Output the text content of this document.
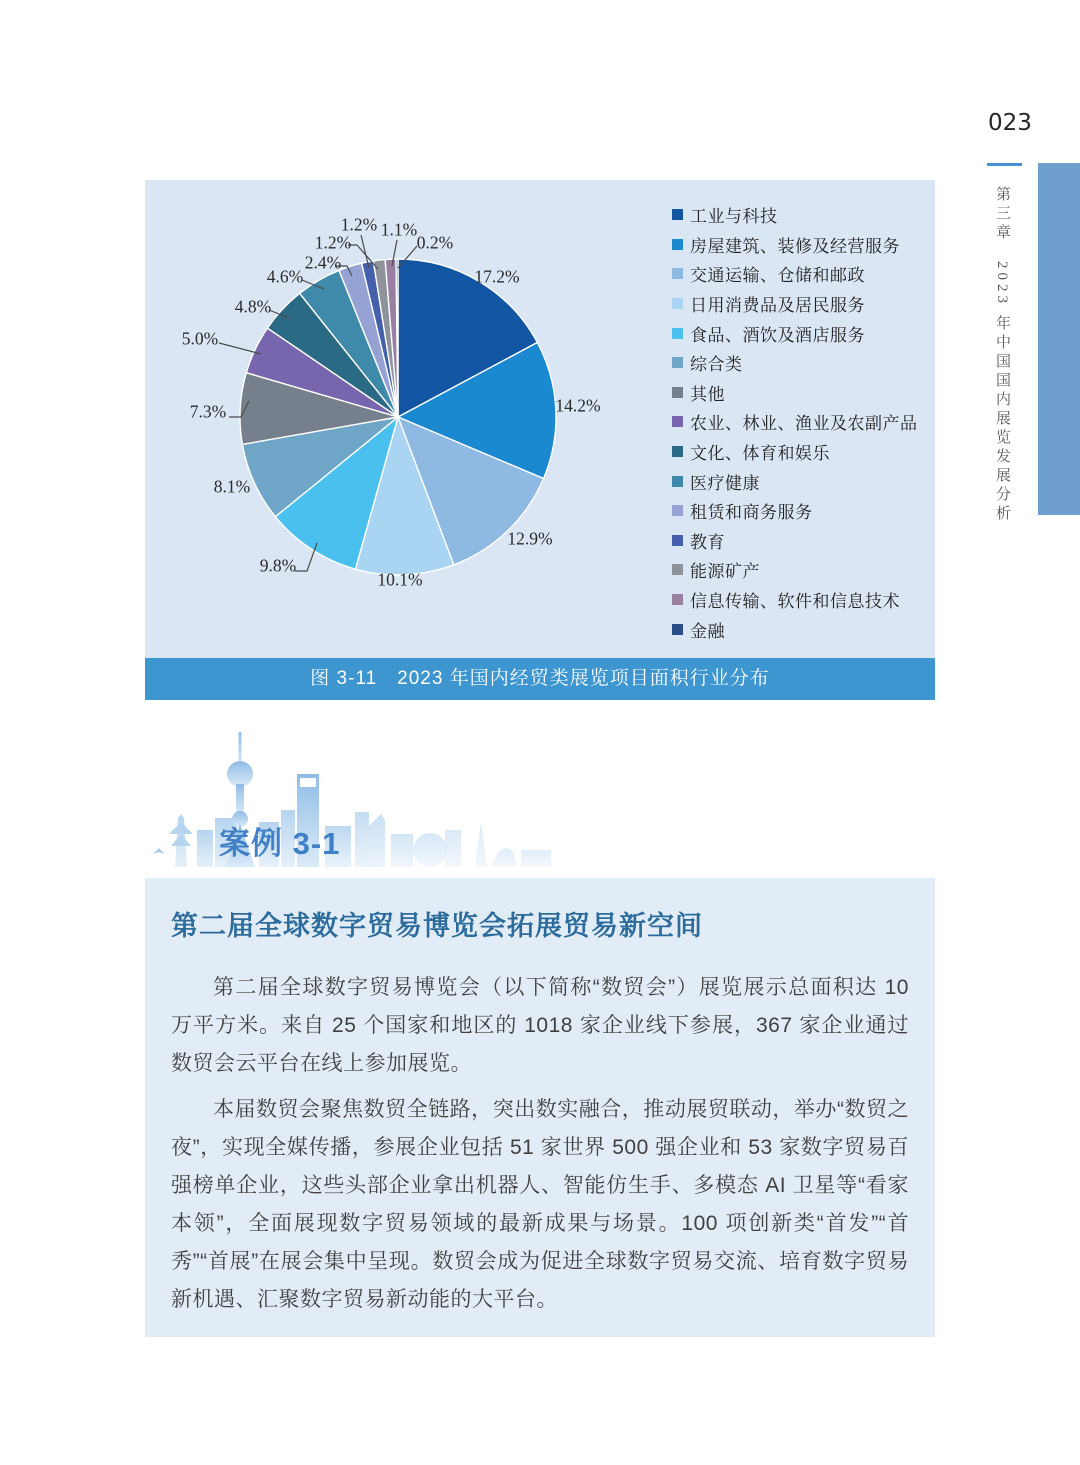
023
第三章2023 年中国国内展览发展分析
17.2%
14.2%
12.9%
10.1%
9.8%
8.1%
7.3%
5.0%
4.8%
4.6%
2.4%
1.2%
1.2%
1.1%
0.2%
工业与科技
房屋建筑、装修及经营服务
交通运输、仓储和邮政
日用消费品及居民服务
食品、酒饮及酒店服务
综合类
其他
农业、林业、渔业及农副产品
文化、体育和娱乐
医疗健康
租赁和商务服务
教育
能源矿产
信息传输、软件和信息技术
金融
图 3-11　2023 年国内经贸类展览项目面积行业分布
案例 3-1
第二届全球数字贸易博览会拓展贸易新空间

第二届全球数字贸易博览会（以下简称“数贸会”）展览展示总面积达 10 万平方米。来自 25 个国家和地区的 1018 家企业线下参展，367 家企业通过数贸会云平台在线上参加展览。

本届数贸会聚焦数贸全链路，突出数实融合，推动展贸联动，举办“数贸之夜”，实现全媒传播，参展企业包括 51 家世界 500 强企业和 53 家数字贸易百强榜单企业，这些头部企业拿出机器人、智能仿生手、多模态 AI 卫星等“看家本领”，全面展现数字贸易领域的最新成果与场景。100 项创新类“首发”“首秀”“首展”在展会集中呈现。数贸会成为促进全球数字贸易交流、培育数字贸易新机遇、汇聚数字贸易新动能的大平台。
